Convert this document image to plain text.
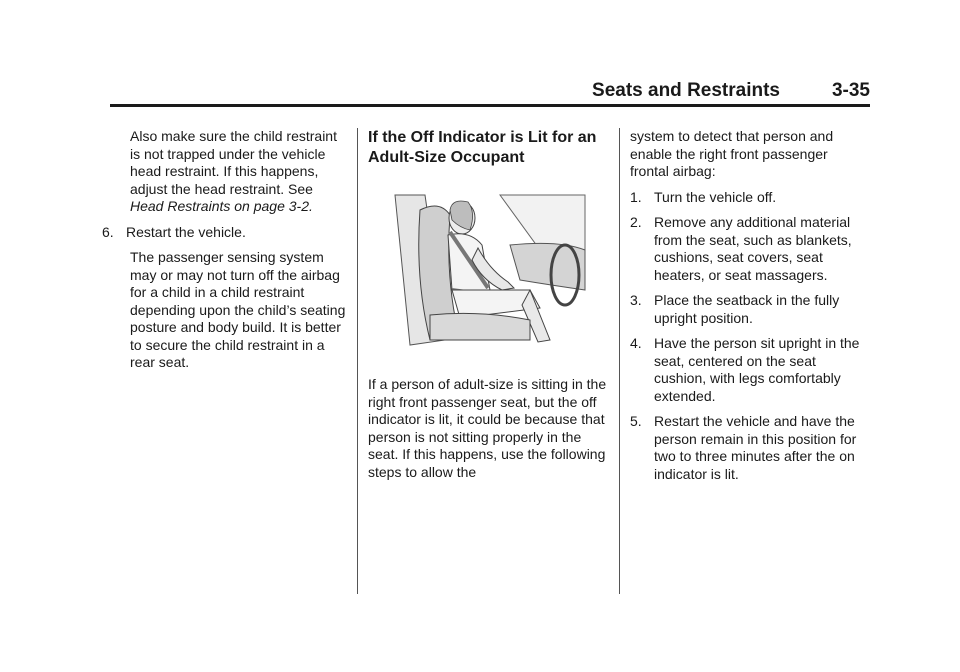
Seats and Restraints	3-35

Also make sure the child restraint is not trapped under the vehicle head restraint. If this happens, adjust the head restraint. See Head Restraints on page 3-2.

6. Restart the vehicle.

The passenger sensing system may or may not turn off the airbag for a child in a child restraint depending upon the child’s seating posture and body build. It is better to secure the child restraint in a rear seat.

If the Off Indicator is Lit for an Adult-Size Occupant

If a person of adult-size is sitting in the right front passenger seat, but the off indicator is lit, it could be because that person is not sitting properly in the seat. If this happens, use the following steps to allow the

system to detect that person and enable the right front passenger frontal airbag:

1. Turn the vehicle off.
2. Remove any additional material from the seat, such as blankets, cushions, seat covers, seat heaters, or seat massagers.
3. Place the seatback in the fully upright position.
4. Have the person sit upright in the seat, centered on the seat cushion, with legs comfortably extended.
5. Restart the vehicle and have the person remain in this position for two to three minutes after the on indicator is lit.
